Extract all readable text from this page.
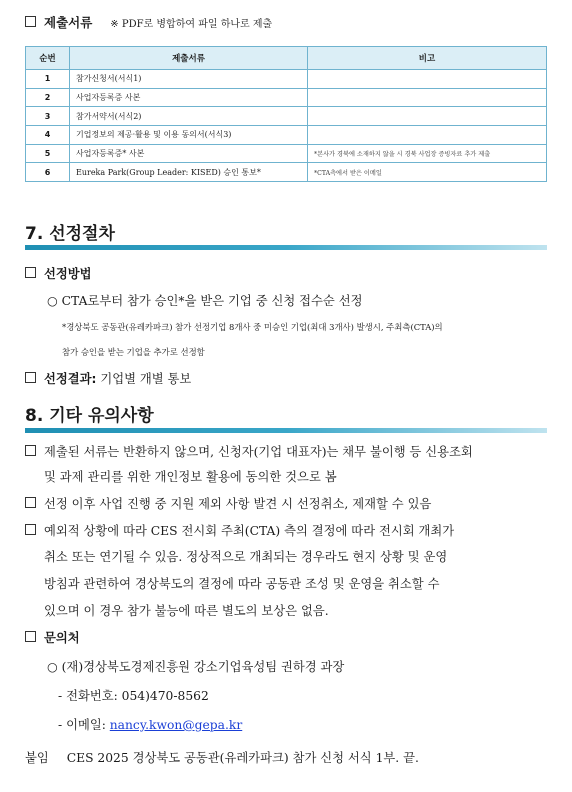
제출서류 ※ PDF로 병합하여 파일 하나로 제출
순번	제출서류	비고
1	참가신청서(서식1)	
2	사업자등록증 사본	
3	참가서약서(서식2)	
4	기업정보의 제공·활용 및 이용 동의서(서식3)	
5	사업자등록증* 사본	*본사가 경북에 소재하지 않을 시 경북 사업장 증빙자료 추가 제출
6	Eureka Park(Group Leader: KISED) 승인 통보*	*CTA측에서 받은 이메일
7. 선정절차
선정방법
○ CTA로부터 참가 승인*을 받은 기업 중 신청 접수순 선정
*경상북도 공동관(유레카파크) 참가 선정기업 8개사 중 미승인 기업(최대 3개사) 발생시, 주최측(CTA)의
참가 승인을 받는 기업을 추가로 선정함
선정결과: 기업별 개별 통보
8. 기타 유의사항
제출된 서류는 반환하지 않으며, 신청자(기업 대표자)는 채무 불이행 등 신용조회
및 과제 관리를 위한 개인정보 활용에 동의한 것으로 봄
선정 이후 사업 진행 중 지원 제외 사항 발견 시 선정취소, 제재할 수 있음
예외적 상황에 따라 CES 전시회 주최(CTA) 측의 결정에 따라 전시회 개최가
취소 또는 연기될 수 있음. 정상적으로 개최되는 경우라도 현지 상황 및 운영
방침과 관련하여 경상북도의 결정에 따라 공동관 조성 및 운영을 취소할 수
있으며 이 경우 참가 불능에 따른 별도의 보상은 없음.
문의처
○ (재)경상북도경제진흥원 강소기업육성팀 권하경 과장
- 전화번호: 054)470-8562
- 이메일: nancy.kwon@gepa.kr
붙임 CES 2025 경상북도 공동관(유레카파크) 참가 신청 서식 1부. 끝.
